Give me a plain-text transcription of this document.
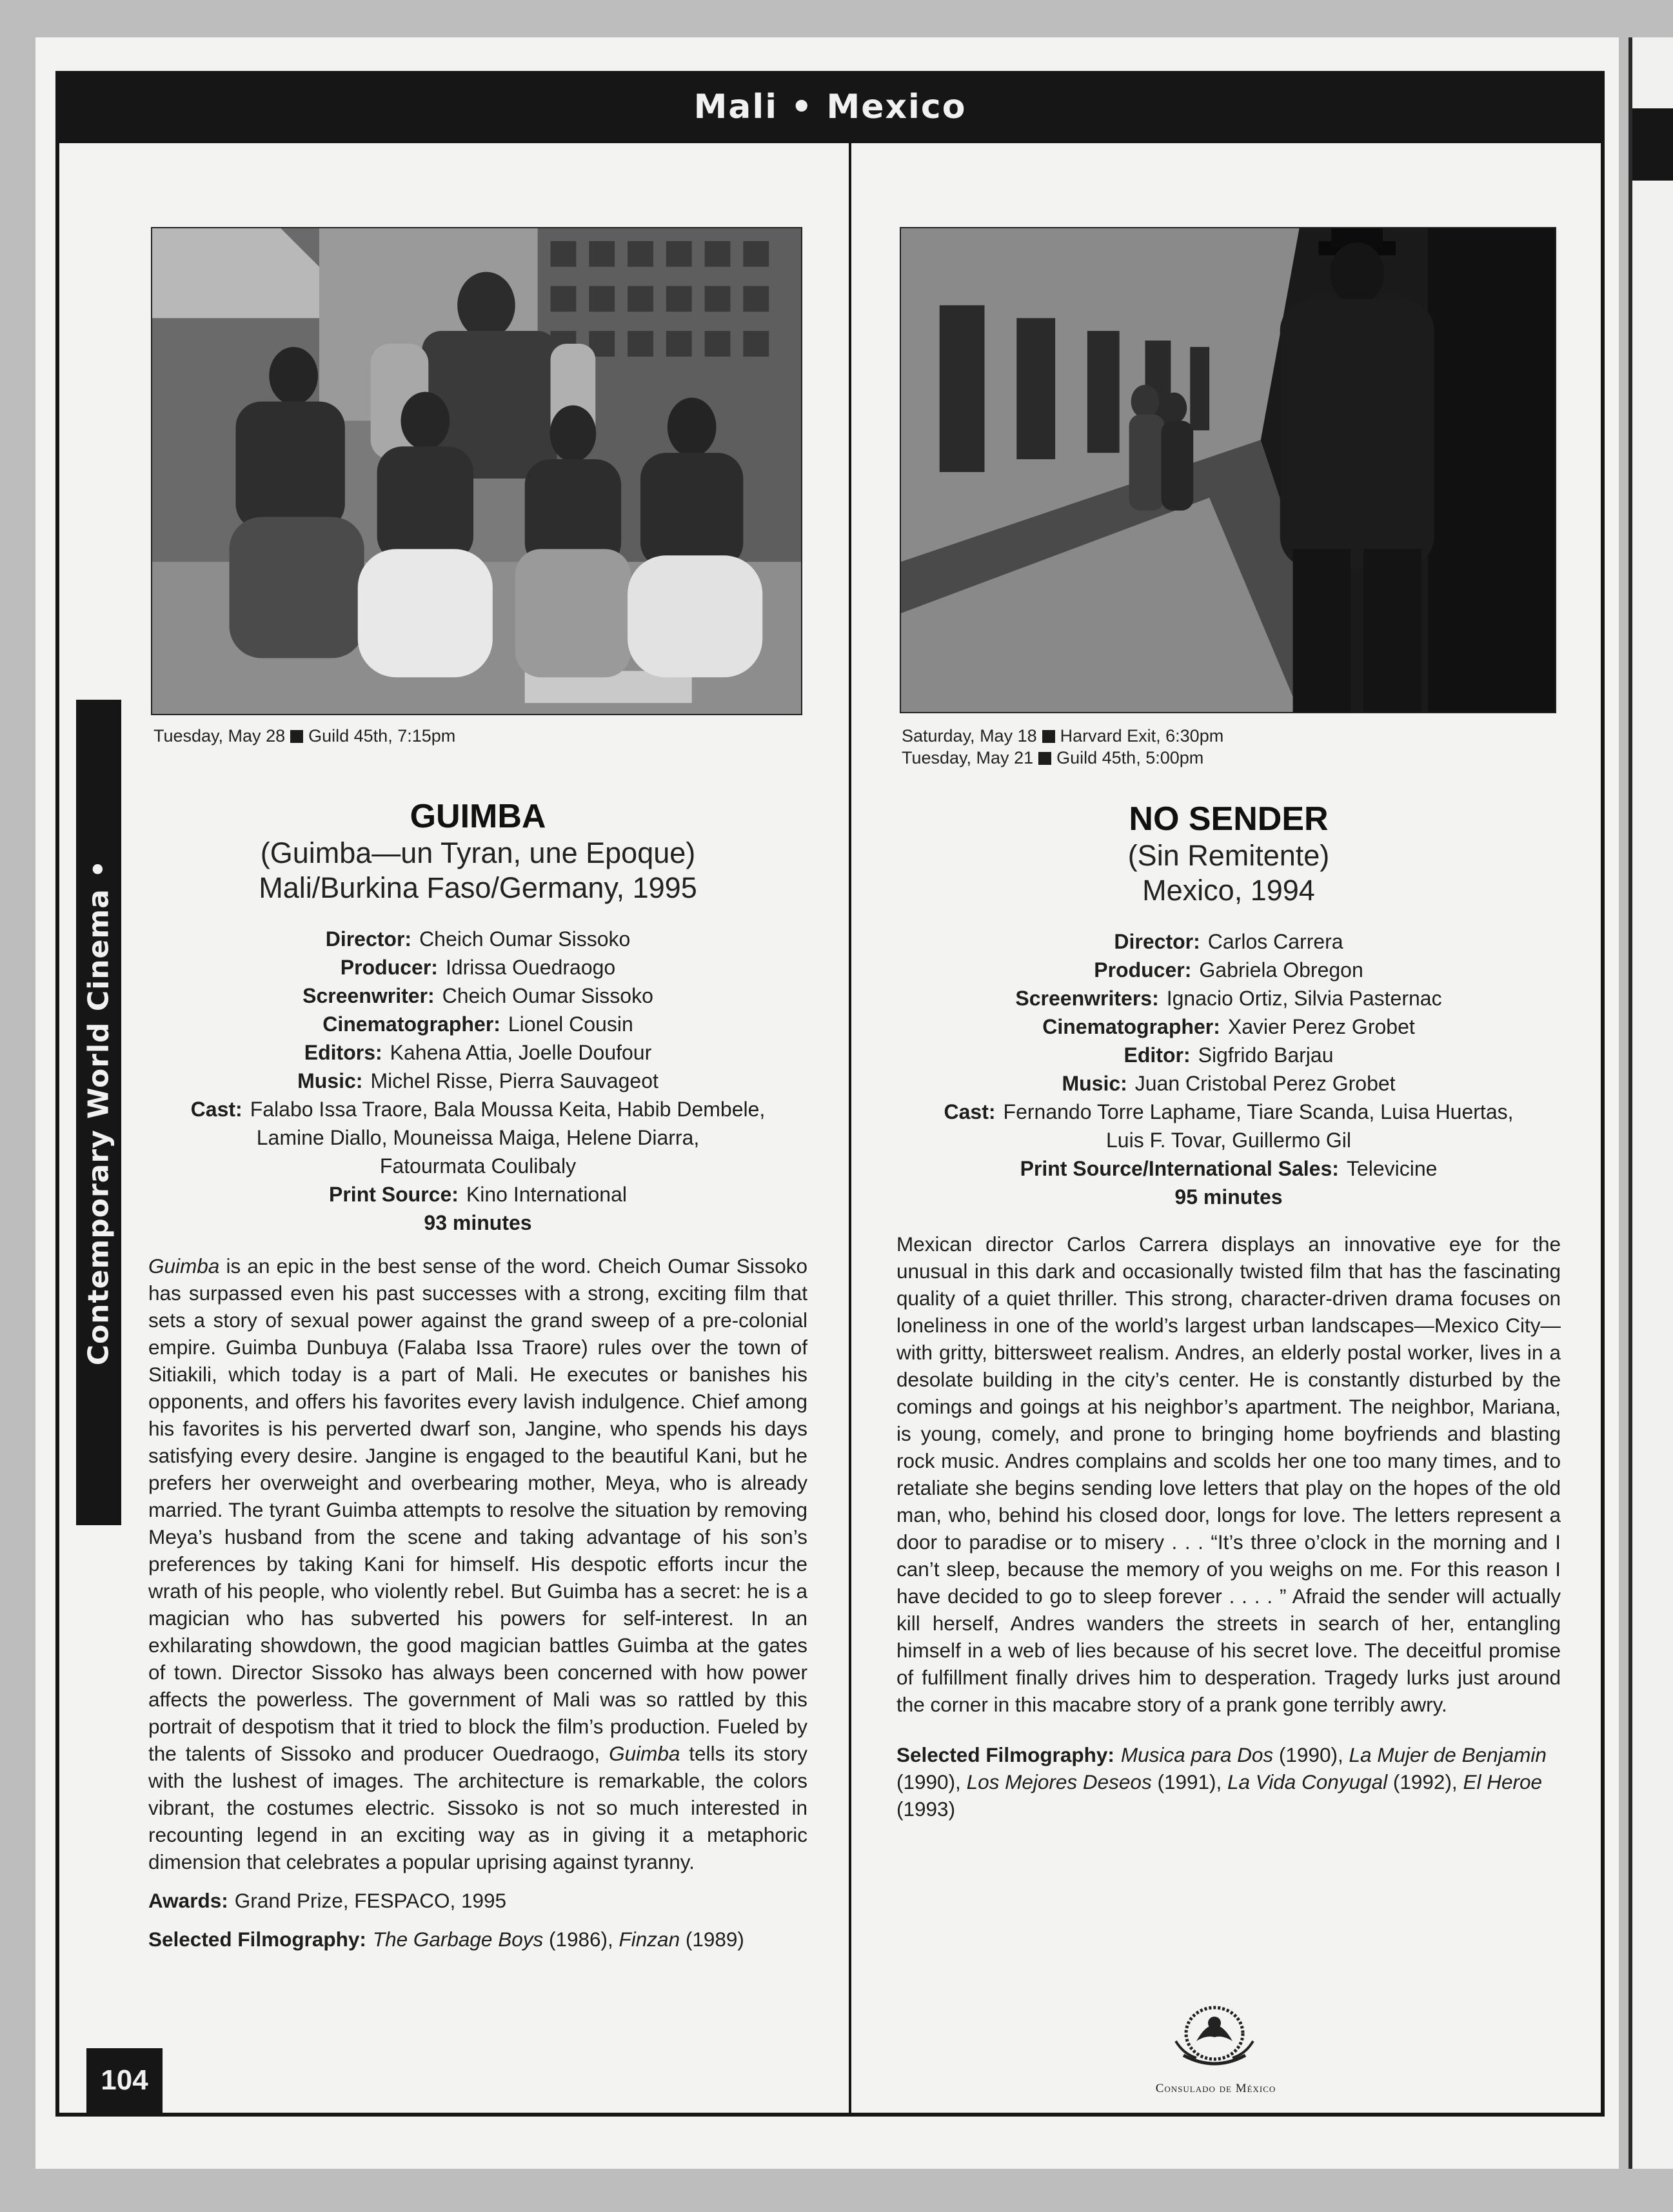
Mali • Mexico
Contemporary World Cinema •
104
Tuesday, May 28 Guild 45th, 7:15pm	Saturday, May 18 Harvard Exit, 6:30pm
Tuesday, May 21 Guild 45th, 5:00pm
GUIMBA
(Guimba—un Tyran, une Epoque)
Mali/Burkina Faso/Germany, 1995
Director: Cheich Oumar Sissoko
Producer: Idrissa Ouedraogo
Screenwriter: Cheich Oumar Sissoko
Cinematographer: Lionel Cousin
Editors: Kahena Attia, Joelle Doufour
Music: Michel Risse, Pierra Sauvageot
Cast: Falabo Issa Traore, Bala Moussa Keita, Habib Dembele,
Lamine Diallo, Mouneissa Maiga, Helene Diarra,
Fatourmata Coulibaly
Print Source: Kino International
93 minutes

Guimba is an epic in the best sense of the word. Cheich Oumar Sissoko has surpassed even his past successes with a strong, exciting film that sets a story of sexual power against the grand sweep of a pre-colonial empire. Guimba Dunbuya (Falaba Issa Traore) rules over the town of Sitiakili, which today is a part of Mali. He executes or banishes his opponents, and offers his favorites every lavish indulgence. Chief among his favorites is his perverted dwarf son, Jangine, who spends his days satisfying every desire. Jangine is engaged to the beautiful Kani, but he prefers her overweight and overbearing mother, Meya, who is already married. The tyrant Guimba attempts to resolve the situation by removing Meya’s husband from the scene and taking advantage of his son’s preferences by taking Kani for himself. His despotic efforts incur the wrath of his people, who violently rebel. But Guimba has a secret: he is a magician who has subverted his powers for self-interest. In an exhilarating showdown, the good magician battles Guimba at the gates of town. Director Sissoko has always been concerned with how power affects the powerless. The government of Mali was so rattled by this portrait of despotism that it tried to block the film’s production. Fueled by the talents of Sissoko and producer Ouedraogo, Guimba tells its story with the lushest of images. The architecture is remarkable, the colors vibrant, the costumes electric. Sissoko is not so much interested in recounting legend in an exciting way as in giving it a metaphoric dimension that celebrates a popular uprising against tyranny.

Awards: Grand Prize, FESPACO, 1995

Selected Filmography: The Garbage Boys (1986), Finzan (1989)

NO SENDER
(Sin Remitente)
Mexico, 1994
Director: Carlos Carrera
Producer: Gabriela Obregon
Screenwriters: Ignacio Ortiz, Silvia Pasternac
Cinematographer: Xavier Perez Grobet
Editor: Sigfrido Barjau
Music: Juan Cristobal Perez Grobet
Cast: Fernando Torre Laphame, Tiare Scanda, Luisa Huertas,
Luis F. Tovar, Guillermo Gil
Print Source/International Sales: Televicine
95 minutes

Mexican director Carlos Carrera displays an innovative eye for the unusual in this dark and occasionally twisted film that has the fascinating quality of a quiet thriller. This strong, character-driven drama focuses on loneliness in one of the world’s largest urban landscapes—Mexico City—with gritty, bittersweet realism. Andres, an elderly postal worker, lives in a desolate building in the city’s center. He is constantly disturbed by the comings and goings at his neighbor’s apartment. The neighbor, Mariana, is young, comely, and prone to bringing home boyfriends and blasting rock music. Andres complains and scolds her one too many times, and to retaliate she begins sending love letters that play on the hopes of the old man, who, behind his closed door, longs for love. The letters represent a door to paradise or to misery . . . “It’s three o’clock in the morning and I can’t sleep, because the memory of you weighs on me. For this reason I have decided to go to sleep forever . . . . ” Afraid the sender will actually kill herself, Andres wanders the streets in search of her, entangling himself in a web of lies because of his secret love. The deceitful promise of fulfillment finally drives him to desperation. Tragedy lurks just around the corner in this macabre story of a prank gone terribly awry.

Selected Filmography: Musica para Dos (1990), La Mujer de Benjamin (1990), Los Mejores Deseos (1991), La Vida Conyugal (1992), El Heroe (1993)

Consulado de México
